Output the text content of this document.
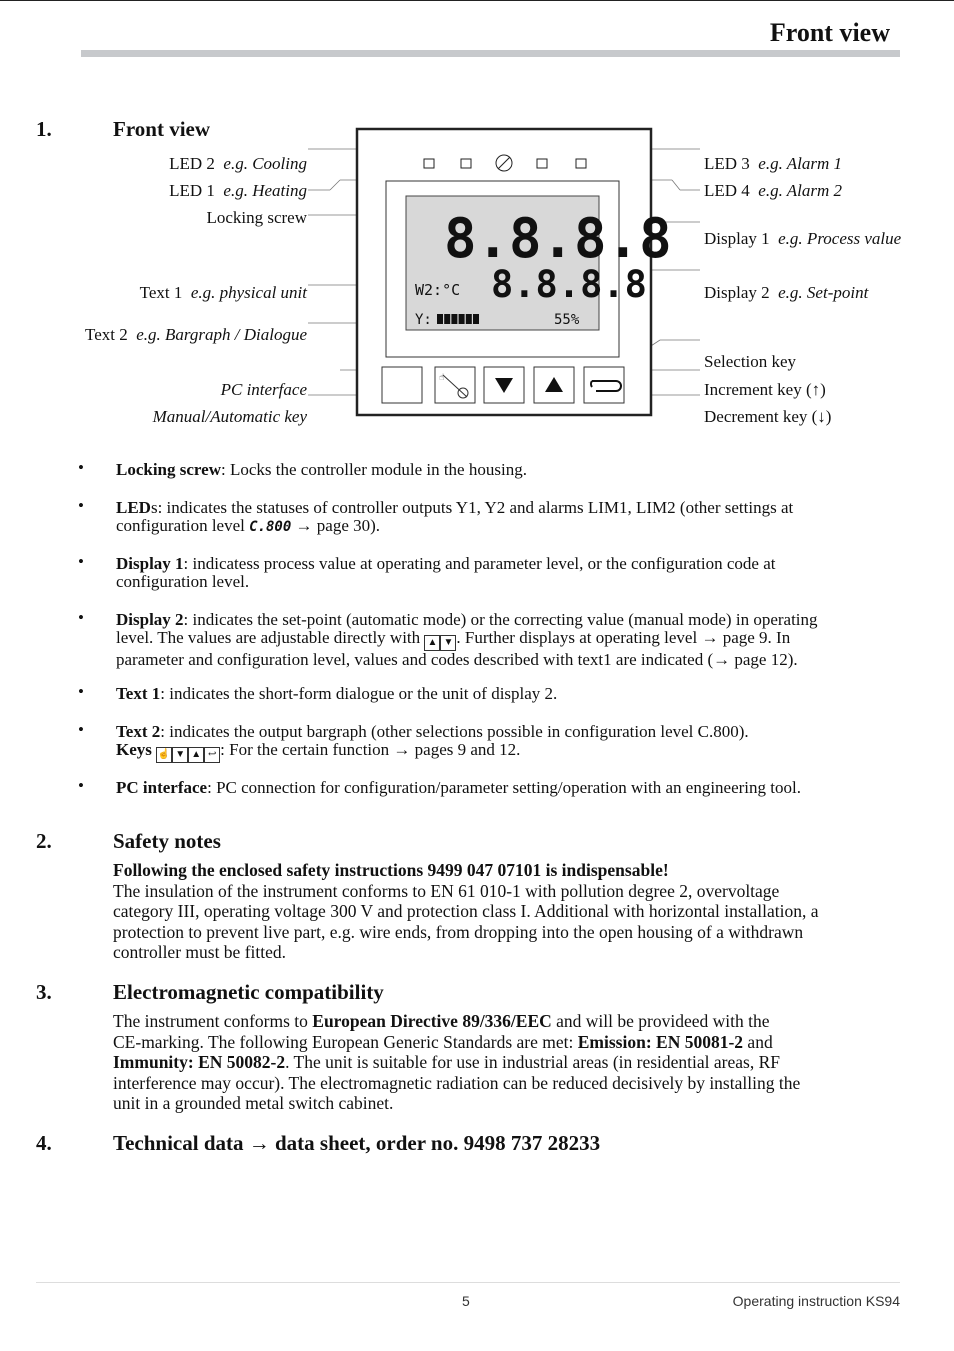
Front view
1.	Front view
LED 2 e.g. Cooling
LED 1 e.g. Heating
Locking screw
Text 1 e.g. physical unit
Text 2 e.g. Bargraph / Dialogue
PC interface
Manual/Automatic key
LED 3 e.g. Alarm 1
LED 4 e.g. Alarm 2
Display 1 e.g. Process value
Display 2 e.g. Set-point
Selection key
Increment key (↑)
Decrement key (↓)
8.8.8.8
8.8.8.8
W2:°C
Y:	55%
☝
• Locking screw: Locks the controller module in the housing.
• LEDs: indicates the statuses of controller outputs Y1, Y2 and alarms LIM1, LIM2 (other settings at
configuration level C.800 → page 30).
• Display 1: indicatess process value at operating and parameter level, or the configuration code at
configuration level.
• Display 2: indicates the set-point (automatic mode) or the correcting value (manual mode) in operating
level. The values are adjustable directly with ▲ ▼ . Further displays at operating level → page 9. In
parameter and configuration level, values and codes described with text1 are indicated (→ page 12).
• Text 1: indicates the short-form dialogue or the unit of display 2.
• Text 2: indicates the output bargraph (other selections possible in configuration level C.800).
Keys ☝ ▼ ▲ ↩ : For the certain function → pages 9 and 12.
• PC interface: PC connection for configuration/parameter setting/operation with an engineering tool.
2.	Safety notes
Following the enclosed safety instructions 9499 047 07101 is indispensable!
The insulation of the instrument conforms to EN 61 010-1 with pollution degree 2, overvoltage
category III, operating voltage 300 V and protection class I. Additional with horizontal installation, a
protection to prevent live part, e.g. wire ends, from dropping into the open housing of a withdrawn
controller must be fitted.
3.	Electromagnetic compatibility
The instrument conforms to European Directive 89/336/EEC and will be provideed with the
CE-marking. The following European Generic Standards are met: Emission: EN 50081-2 and
Immunity: EN 50082-2. The unit is suitable for use in industrial areas (in residential areas, RF
interference may occur). The electromagnetic radiation can be reduced decisively by installing the
unit in a grounded metal switch cabinet.
4.	Technical data → data sheet, order no. 9498 737 28233
5	Operating instruction KS94
